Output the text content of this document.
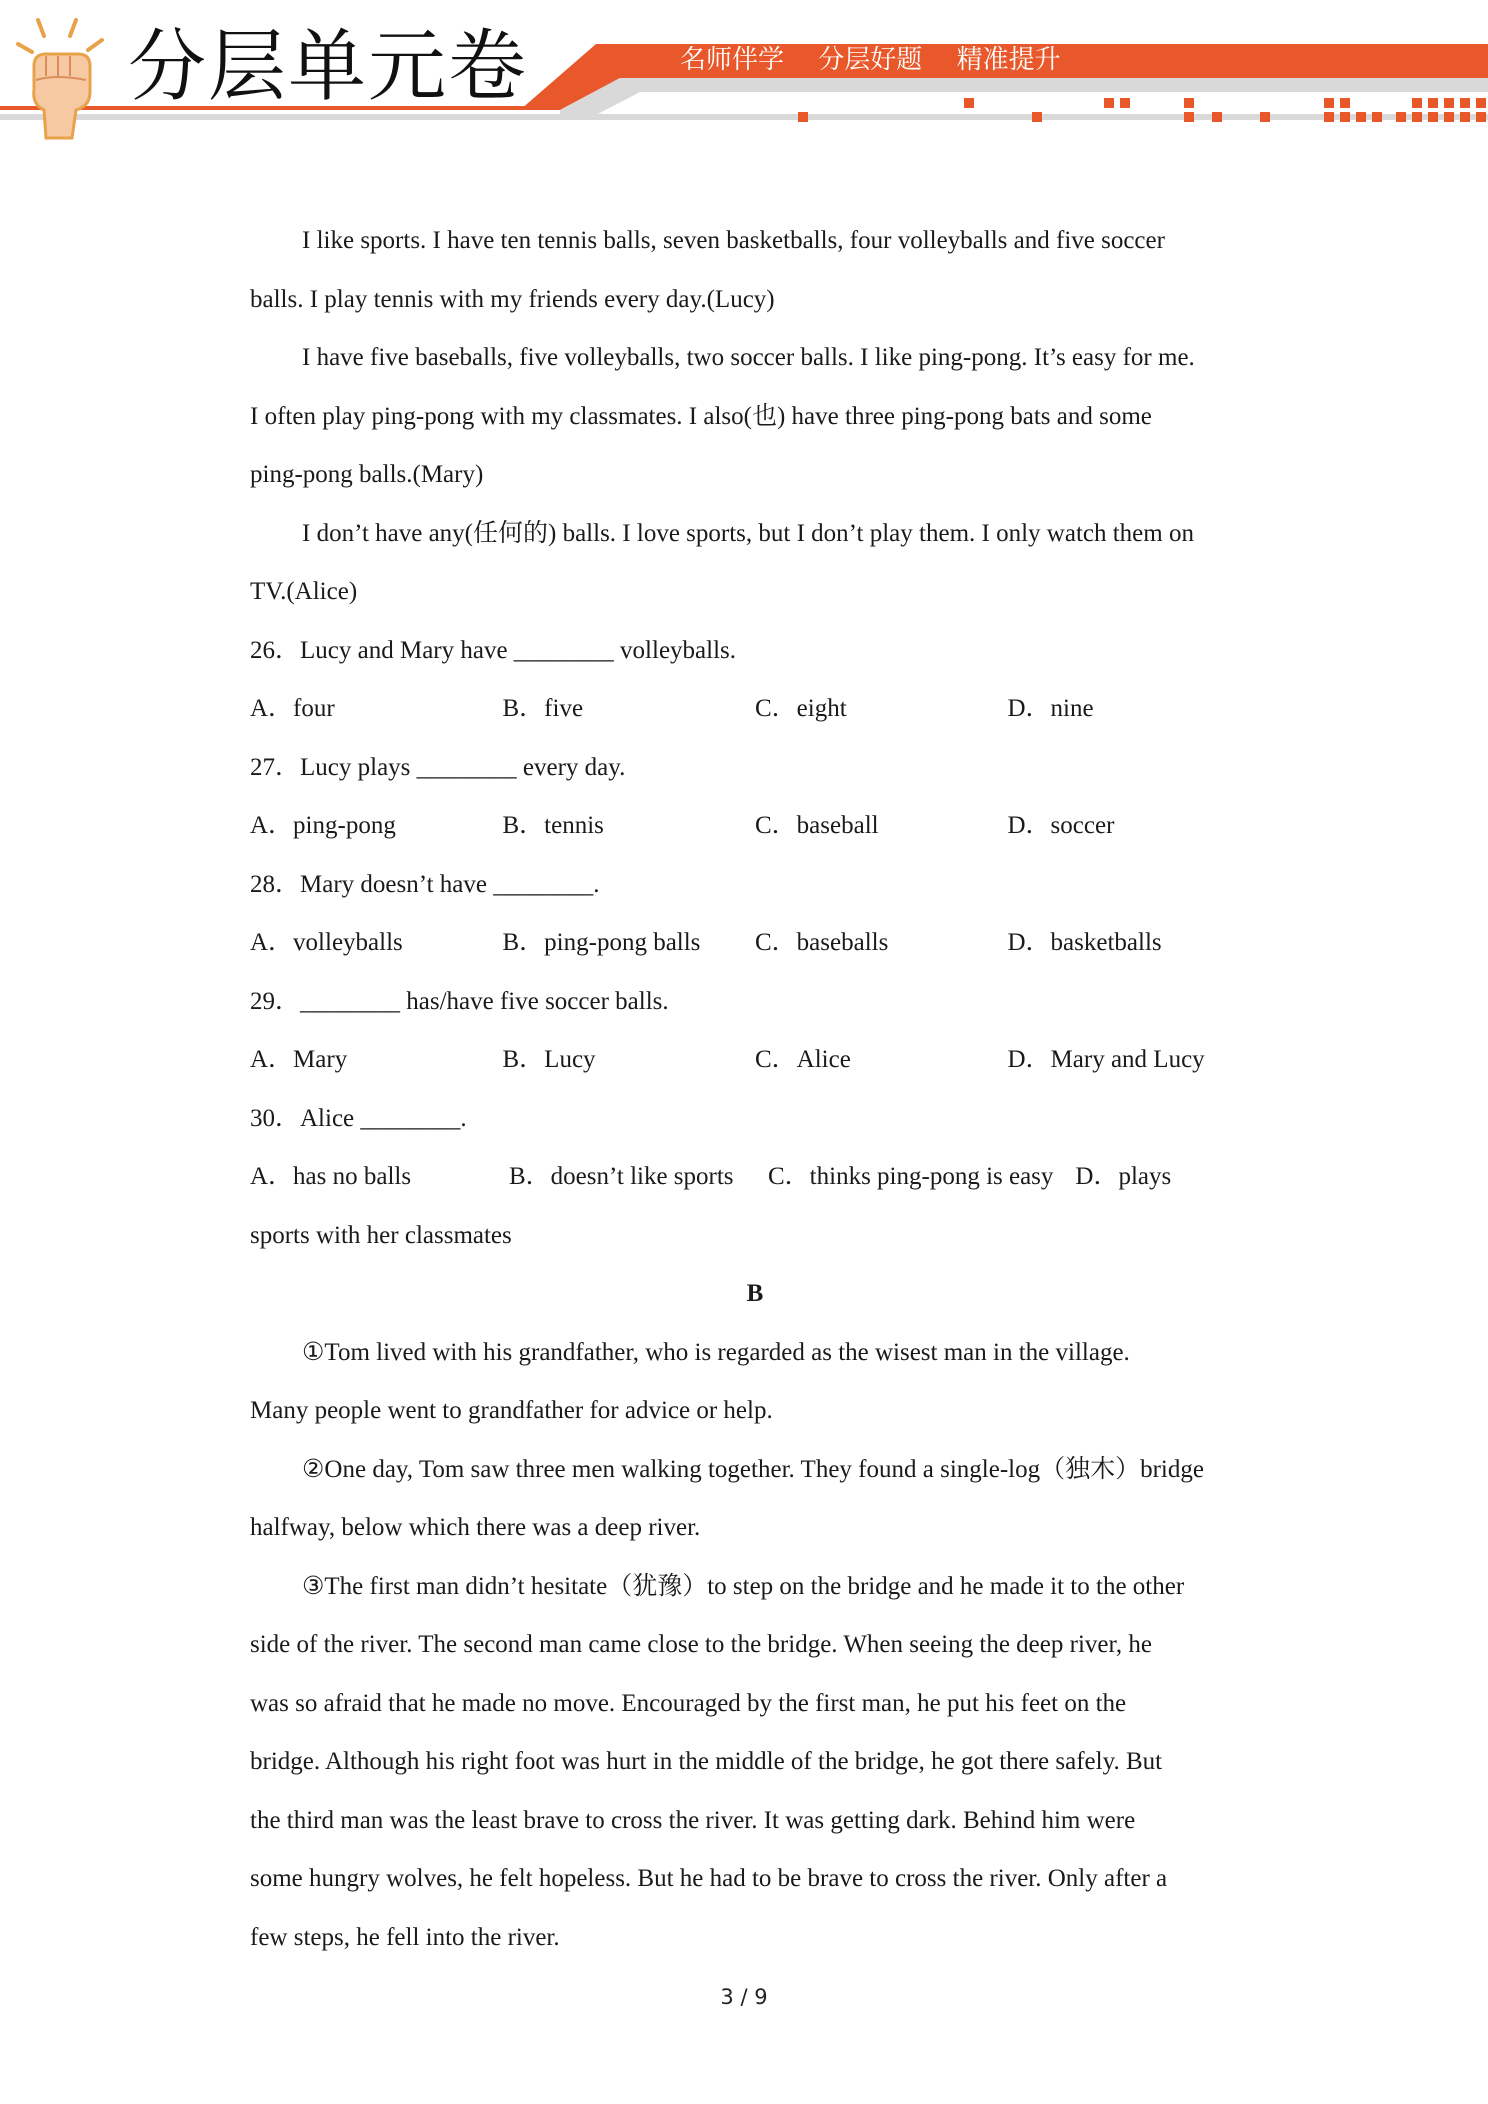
分层单元卷	名师伴学 分层好题 精准提升
I like sports. I have ten tennis balls, seven basketballs, four volleyballs and five soccer
balls. I play tennis with my friends every day.(Lucy)
I have five baseballs, five volleyballs, two soccer balls. I like ping-pong. It’s easy for me.
I often play ping-pong with my classmates. I also(也) have three ping-pong bats and some
ping-pong balls.(Mary)
I don’t have any(任何的) balls. I love sports, but I don’t play them. I only watch them on
TV.(Alice)
26．Lucy and Mary have ________ volleyballs.
A．four	B．five	C．eight	D．nine
27．Lucy plays ________ every day.
A．ping-pong	B．tennis	C．baseball	D．soccer
28．Mary doesn’t have ________.
A．volleyballs	B．ping-pong balls	C．baseballs	D．basketballs
29．________ has/have five soccer balls.
A．Mary	B．Lucy	C．Alice	D．Mary and Lucy
30．Alice ________.
A．has no balls	B．doesn’t like sports	C．thinks ping-pong is easy D．plays
sports with her classmates
B
①Tom lived with his grandfather, who is regarded as the wisest man in the village.
Many people went to grandfather for advice or help.
②One day, Tom saw three men walking together. They found a single-log（独木）bridge
halfway, below which there was a deep river.
③The first man didn’t hesitate（犹豫）to step on the bridge and he made it to the other
side of the river. The second man came close to the bridge. When seeing the deep river, he
was so afraid that he made no move. Encouraged by the first man, he put his feet on the
bridge. Although his right foot was hurt in the middle of the bridge, he got there safely. But
the third man was the least brave to cross the river. It was getting dark. Behind him were
some hungry wolves, he felt hopeless. But he had to be brave to cross the river. Only after a
few steps, he fell into the river.
3 / 9
